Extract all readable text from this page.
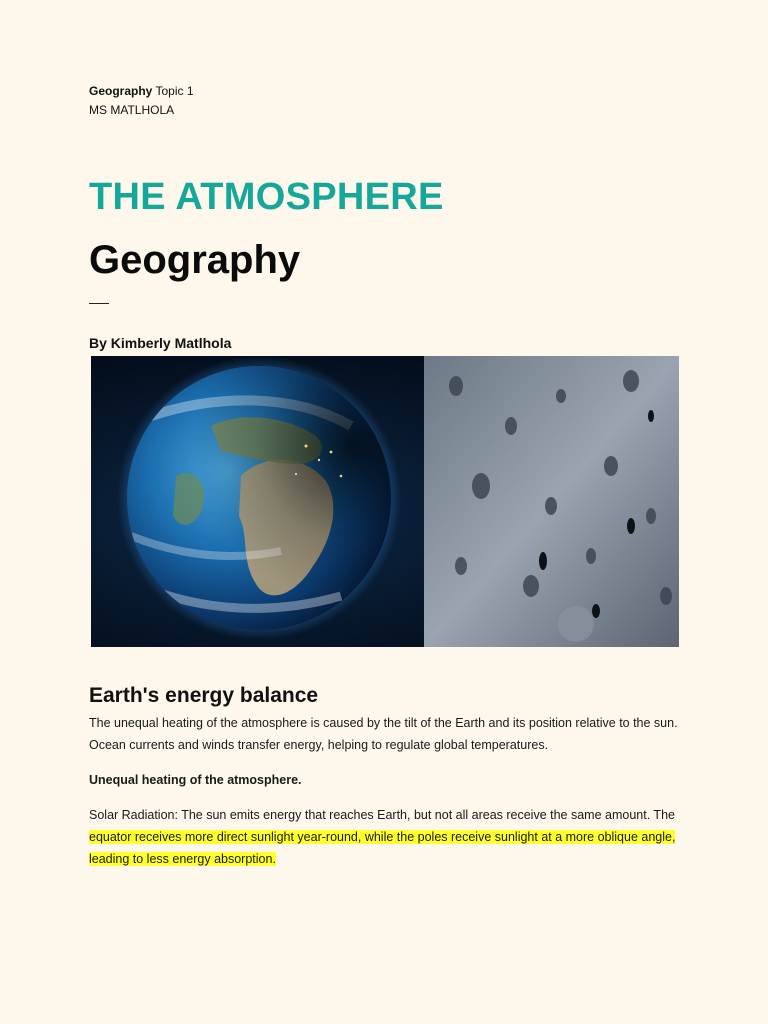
Geography Topic 1
MS MATLHOLA
THE ATMOSPHERE
Geography
By Kimberly Matlhola
Earth's energy balance

The unequal heating of the atmosphere is caused by the tilt of the Earth and its position relative to the sun. Ocean currents and winds transfer energy, helping to regulate global temperatures.

Unequal heating of the atmosphere.

Solar Radiation: The sun emits energy that reaches Earth, but not all areas receive the same amount. The equator receives more direct sunlight year-round, while the poles receive sunlight at a more oblique angle, leading to less energy absorption.
